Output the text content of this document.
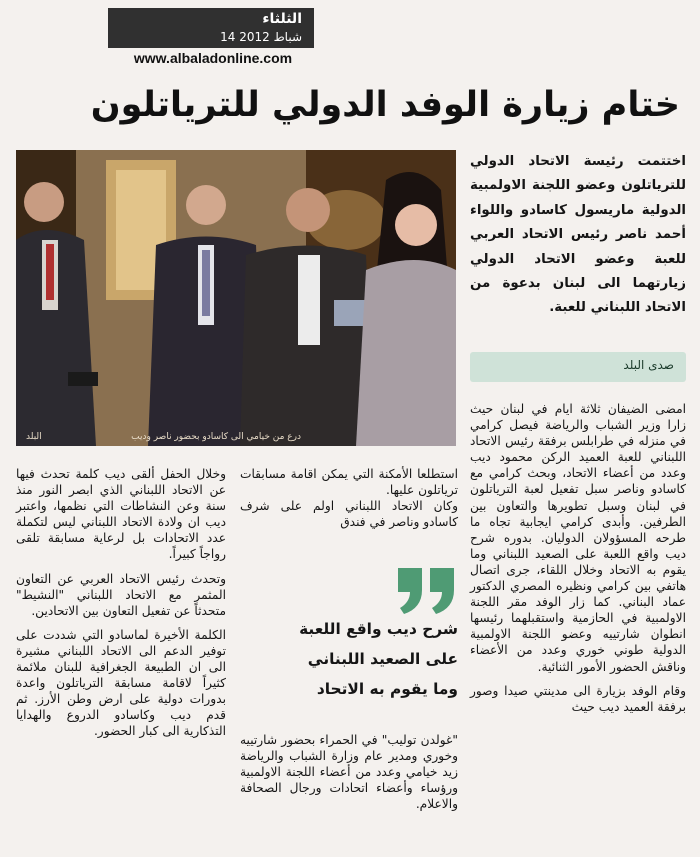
الثلثاء
14 شباط 2012
www.albaladonline.com
ختام زيارة الوفد الدولي للترياتلون
درع من خيامي الى كاسادو بحضور ناصر وديب
البلد

اختتمت رئيسة الاتحاد الدولي للترياتلون وعضو اللجنة الاولمبية الدولية ماريسول كاسادو واللواء أحمد ناصر رئيس الاتحاد العربي للعبة وعضو الاتحاد الدولي زيارتهما الى لبنان بدعوة من الاتحاد اللبناني للعبة.

صدى البلد

امضى الضيفان ثلاثة ايام في لبنان حيث زارا وزير الشباب والرياضة فيصل كرامي في منزله في طرابلس برفقة رئيس الاتحاد اللبناني للعبة العميد الركن محمود ديب وعدد من أعضاء الاتحاد، وبحث كرامي مع كاسادو وناصر سبل تفعيل لعبة الترياتلون في لبنان وسبل تطويرها والتعاون بين الطرفين. وأبدى كرامي ايجابية تجاه ما طرحه المسؤولان الدوليان. بدوره شرح ديب واقع اللعبة على الصعيد اللبناني وما يقوم به الاتحاد وخلال اللقاء، جرى اتصال هاتفي بين كرامي ونظيره المصري الدكتور عماد البناني. كما زار الوفد مقر اللجنة الاولمبية في الحازمية واستقبلهما رئيسها انطوان شارتييه وعضو اللجنة الاولمبية الدولية طوني خوري وعدد من الأعضاء وناقش الحضور الأمور الثنائية.

وقام الوفد بزيارة الى مدينتي صيدا وصور برفقة العميد ديب حيث

استطلعا الأمكنة التي يمكن اقامة مسابقات ترياتلون عليها.

وكان الاتحاد اللبناني اولم على شرف كاسادو وناصر في فندق

شرح ديب واقع اللعبة
على الصعيد اللبناني
وما يقوم به الاتحاد

"غولدن توليب" في الحمراء بحضور شارتييه وخوري ومدير عام وزارة الشباب والرياضة زيد خيامي وعدد من أعضاء اللجنة الاولمبية ورؤساء وأعضاء اتحادات ورجال الصحافة والاعلام.

وخلال الحفل ألقى ديب كلمة تحدث فيها عن الاتحاد اللبناني الذي ابصر النور منذ سنة وعن النشاطات التي نظمها، واعتبر ديب ان ولادة الاتحاد اللبناني ليس لتكملة عدد الاتحادات بل لرعاية مسابقة تلقى رواجاً كبيراً.

وتحدث رئيس الاتحاد العربي عن التعاون المثمر مع الاتحاد اللبناني "النشيط" متحدثاً عن تفعيل التعاون بين الاتحادين.

الكلمة الأخيرة لماسادو التي شددت على توفير الدعم الى الاتحاد اللبناني مشيرة الى ان الطبيعة الجغرافية للبنان ملائمة كثيراً لاقامة مسابقة الترياتلون واعدة بدورات دولية على ارض وطن الأرز. ثم قدم ديب وكاسادو الدروع والهدايا التذكارية الى كبار الحضور.
